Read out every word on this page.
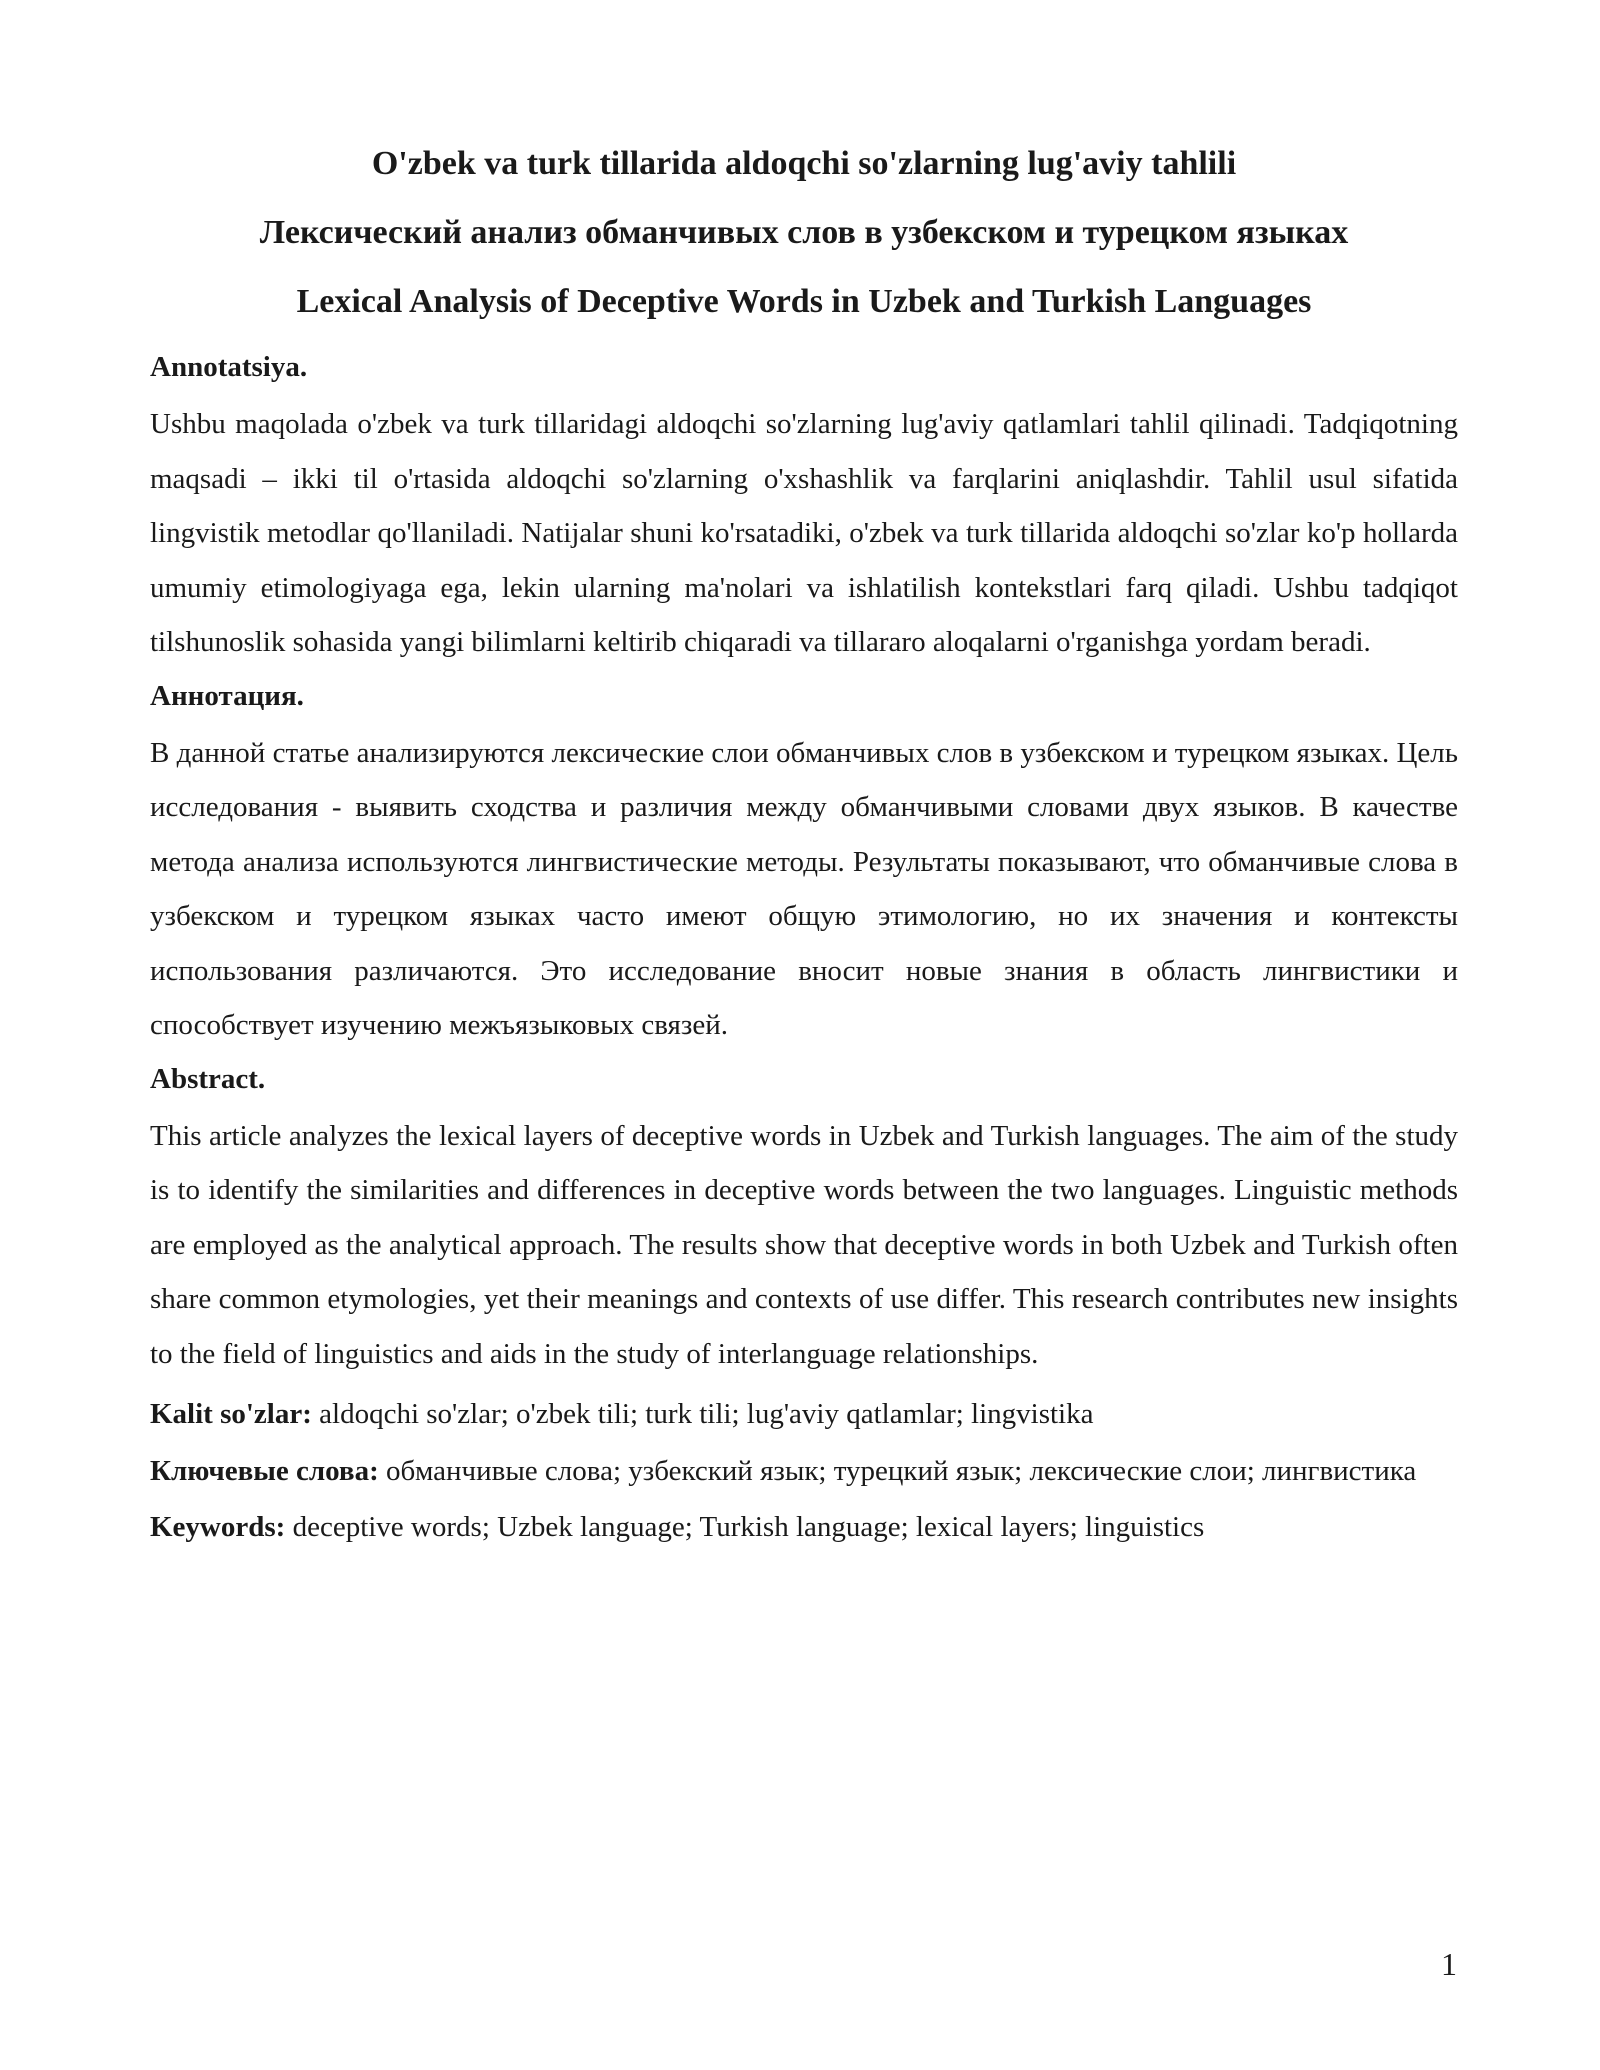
O'zbek va turk tillarida aldoqchi so'zlarning lug'aviy tahlili
Лексический анализ обманчивых слов в узбекском и турецком языках
Lexical Analysis of Deceptive Words in Uzbek and Turkish Languages
Annotatsiya.

Ushbu maqolada o'zbek va turk tillaridagi aldoqchi so'zlarning lug'aviy qatlamlari tahlil qilinadi. Tadqiqotning maqsadi – ikki til o'rtasida aldoqchi so'zlarning o'xshashlik va farqlarini aniqlashdir. Tahlil usul sifatida lingvistik metodlar qo'llaniladi. Natijalar shuni ko'rsatadiki, o'zbek va turk tillarida aldoqchi so'zlar ko'p hollarda umumiy etimologiyaga ega, lekin ularning ma'nolari va ishlatilish kontekstlari farq qiladi. Ushbu tadqiqot tilshunoslik sohasida yangi bilimlarni keltirib chiqaradi va tillararo aloqalarni o'rganishga yordam beradi.

Аннотация.

В данной статье анализируются лексические слои обманчивых слов в узбекском и турецком языках. Цель исследования - выявить сходства и различия между обманчивыми словами двух языков. В качестве метода анализа используются лингвистические методы. Результаты показывают, что обманчивые слова в узбекском и турецком языках часто имеют общую этимологию, но их значения и контексты использования различаются. Это исследование вносит новые знания в область лингвистики и способствует изучению межъязыковых связей.

Abstract.

This article analyzes the lexical layers of deceptive words in Uzbek and Turkish languages. The aim of the study is to identify the similarities and differences in deceptive words between the two languages. Linguistic methods are employed as the analytical approach. The results show that deceptive words in both Uzbek and Turkish often share common etymologies, yet their meanings and contexts of use differ. This research contributes new insights to the field of linguistics and aids in the study of interlanguage relationships.

Kalit so'zlar: aldoqchi so'zlar; o'zbek tili; turk tili; lug'aviy qatlamlar; lingvistika

Ключевые слова: обманчивые слова; узбекский язык; турецкий язык; лексические слои; лингвистика

Keywords: deceptive words; Uzbek language; Turkish language; lexical layers; linguistics

1
